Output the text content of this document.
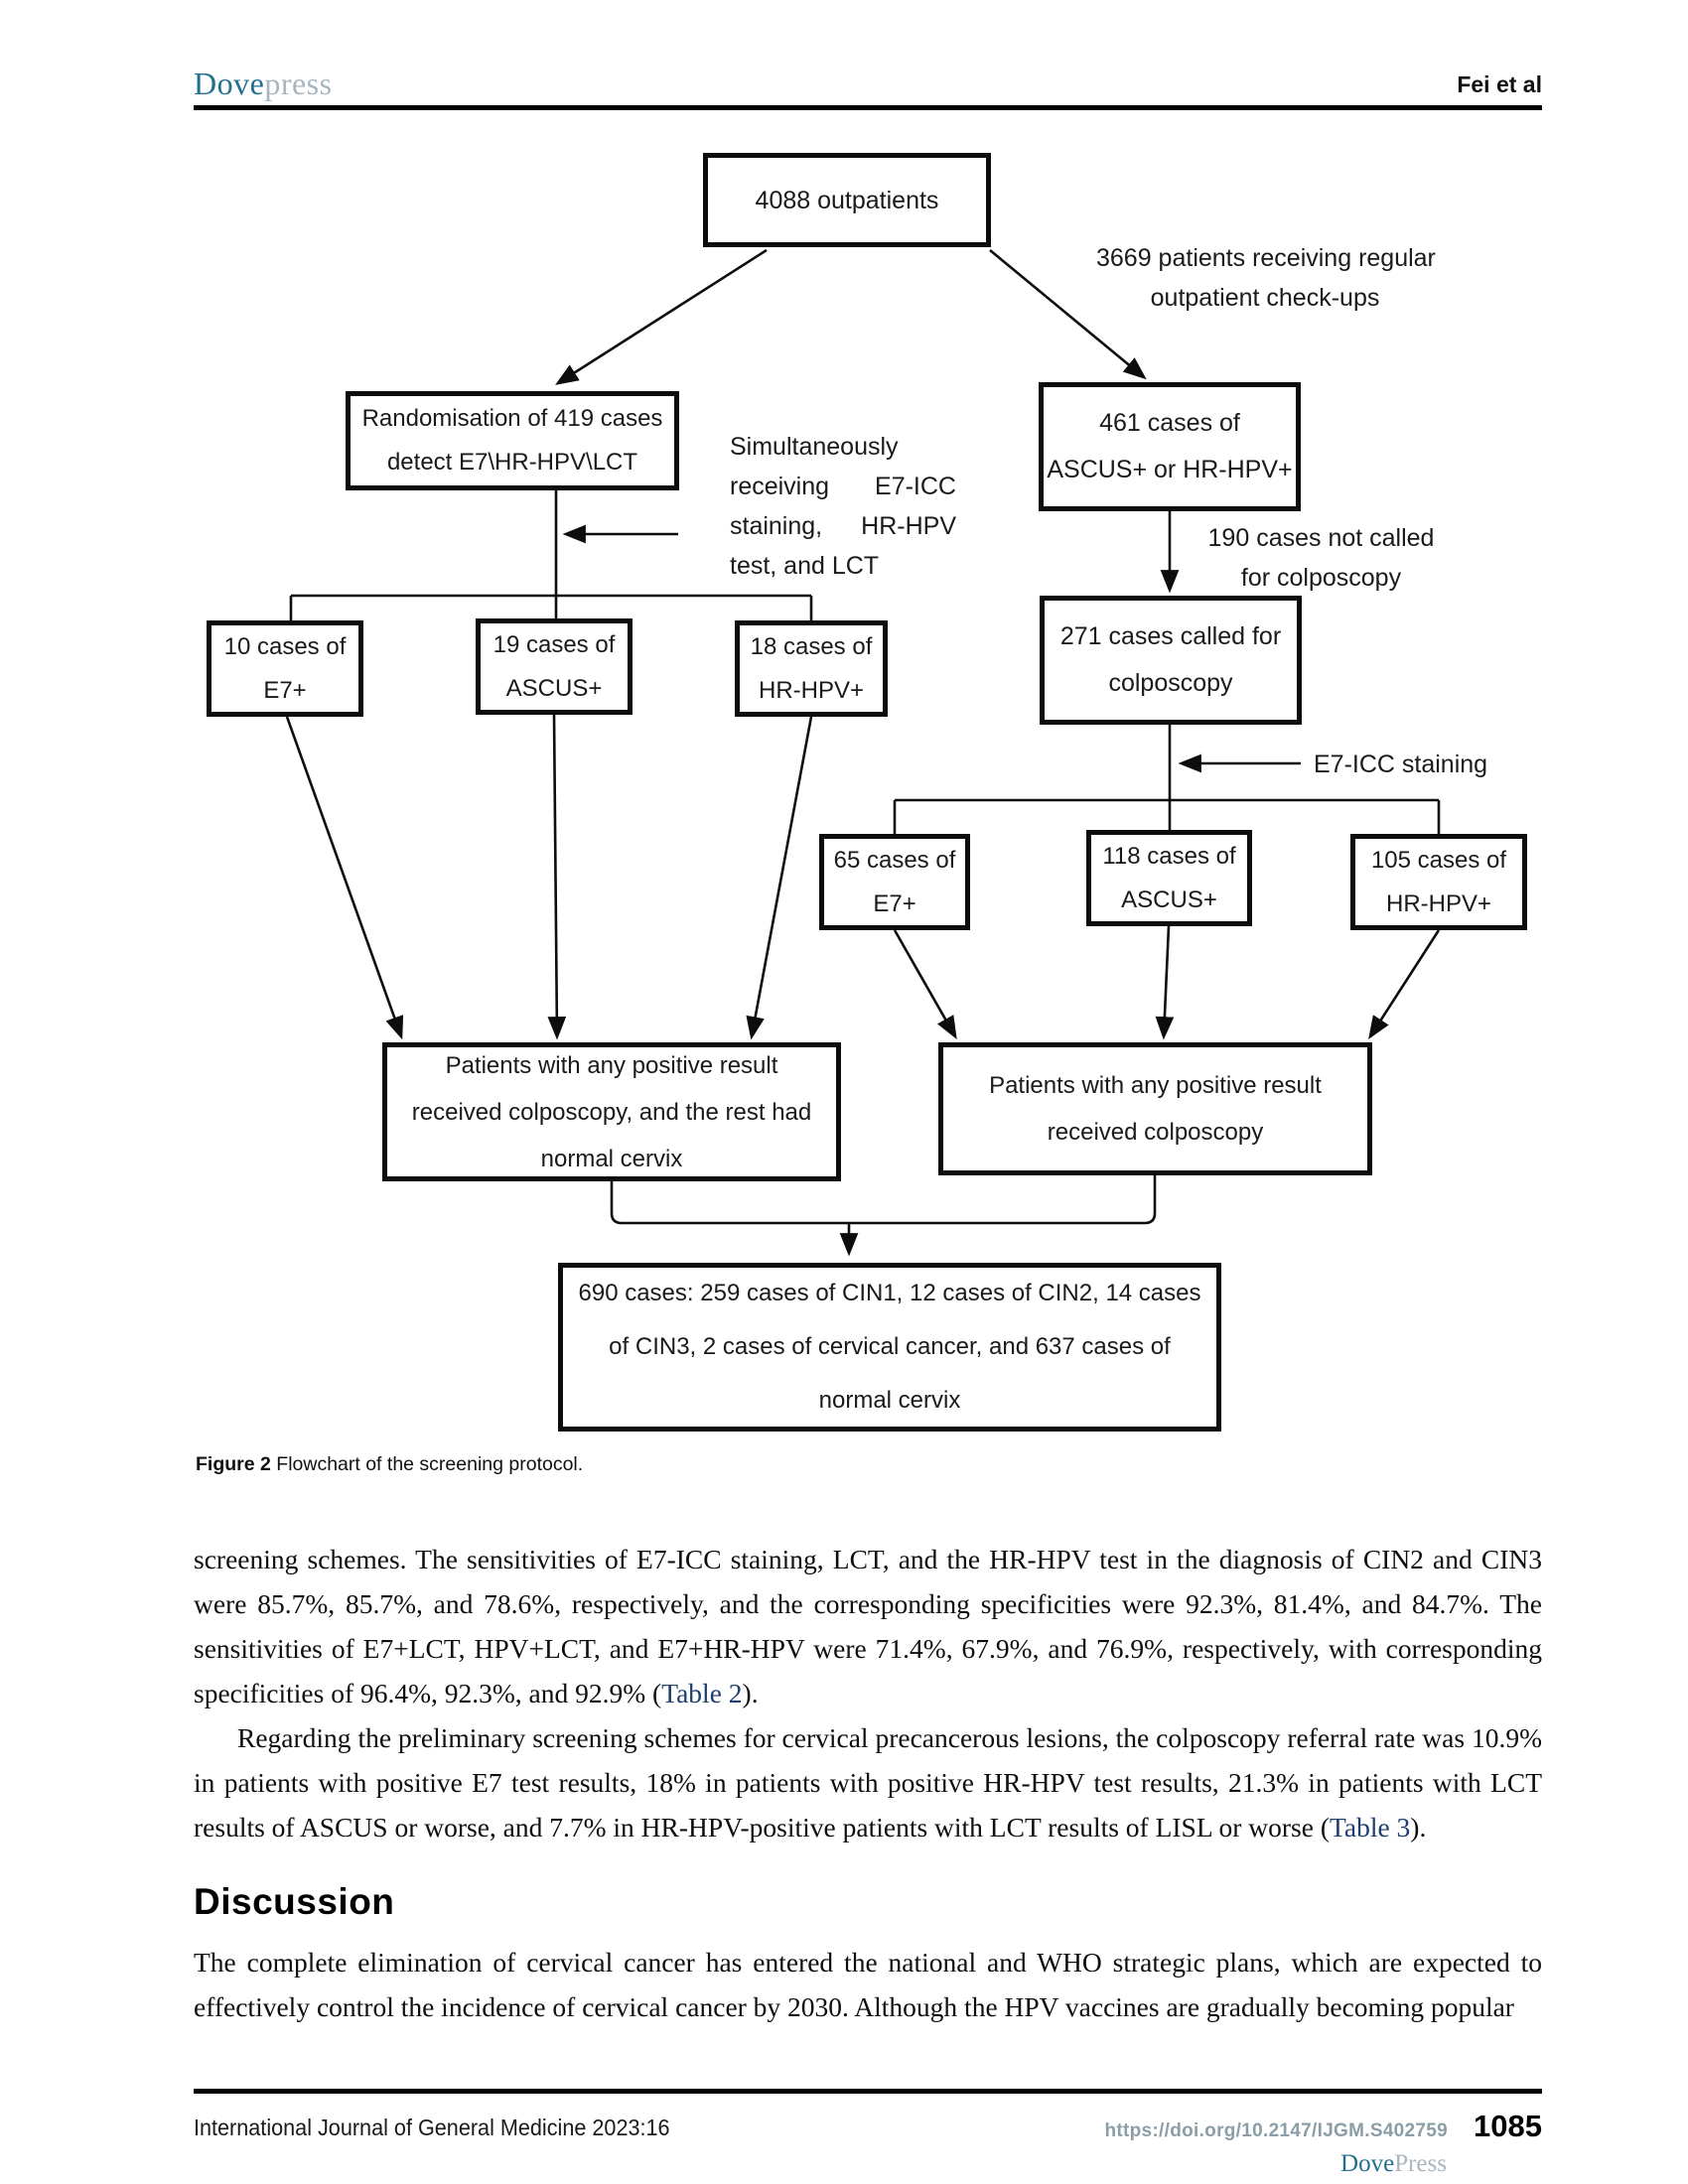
Dovepress	Fei et al
4088 outpatients
Randomisation of 419 cases
detect E7\HR-HPV\LCT
461 cases of
ASCUS+ or HR-HPV+
271 cases called for
colposcopy
10 cases of
E7+
19 cases of
ASCUS+
18 cases of
HR-HPV+
65 cases of
E7+
118 cases of
ASCUS+
105 cases of
HR-HPV+
Patients with any positive result
received colposcopy, and the rest had
normal cervix
Patients with any positive result
received colposcopy
690 cases: 259 cases of CIN1, 12 cases of CIN2, 14 cases
of CIN3, 2 cases of cervical cancer, and 637 cases of
normal cervix
3669 patients receiving regular
outpatient check-ups
Simultaneously
receiving E7-ICC
staining, HR-HPV
test, and LCT
190 cases not called
for colposcopy
E7-ICC staining
Figure 2 Flowchart of the screening protocol.

screening schemes. The sensitivities of E7-ICC staining, LCT, and the HR-HPV test in the diagnosis of CIN2 and CIN3 were 85.7%, 85.7%, and 78.6%, respectively, and the corresponding specificities were 92.3%, 81.4%, and 84.7%. The sensitivities of E7+LCT, HPV+LCT, and E7+HR-HPV were 71.4%, 67.9%, and 76.9%, respectively, with corresponding specificities of 96.4%, 92.3%, and 92.9% (Table 2).

Regarding the preliminary screening schemes for cervical precancerous lesions, the colposcopy referral rate was 10.9% in patients with positive E7 test results, 18% in patients with positive HR-HPV test results, 21.3% in patients with LCT results of ASCUS or worse, and 7.7% in HR-HPV-positive patients with LCT results of LISL or worse (Table 3).

Discussion

The complete elimination of cervical cancer has entered the national and WHO strategic plans, which are expected to effectively control the incidence of cervical cancer by 2030. Although the HPV vaccines are gradually becoming popular

International Journal of General Medicine 2023:16	https://doi.org/10.2147/IJGM.S402759 1085
DovePress
